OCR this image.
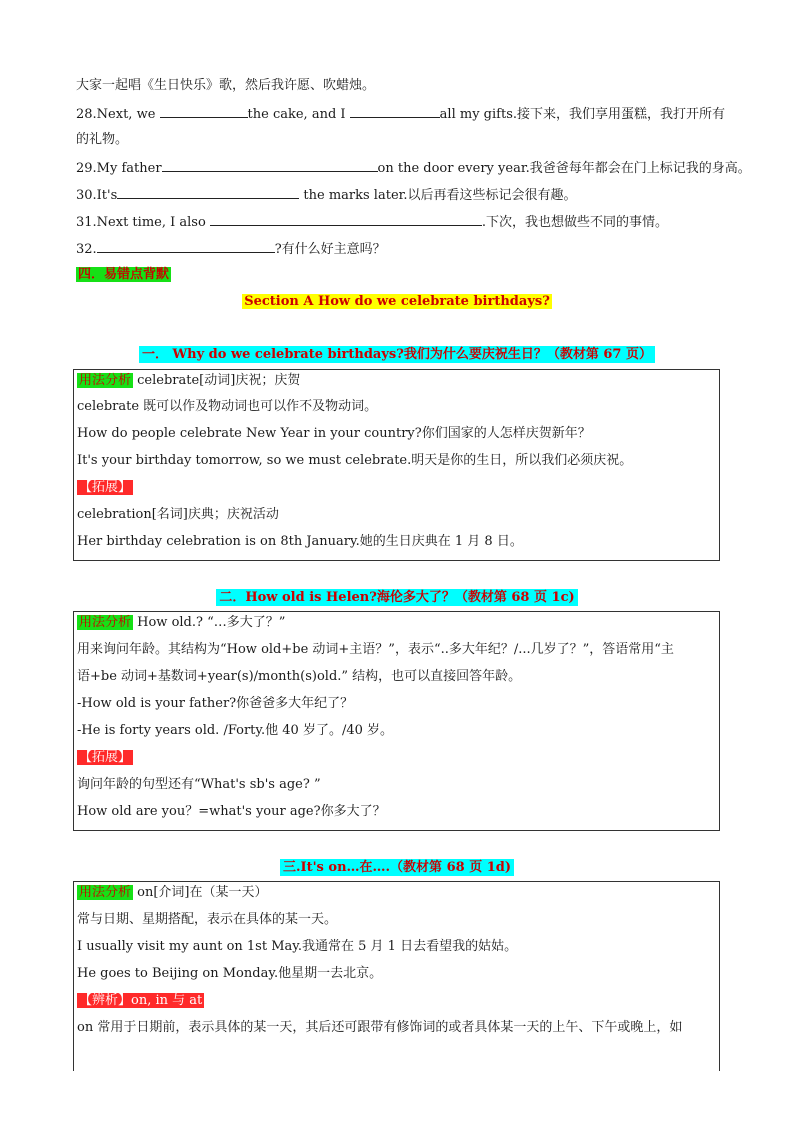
大家一起唱《生日快乐》歌，然后我许愿、吹蜡烛。
28.Next, we	the cake, and I	all my gifts.接下来，我们享用蛋糕，我打开所有
的礼物。
29.My father	on the door every year.我爸爸每年都会在门上标记我的身高。
30.It's	the marks later.以后再看这些标记会很有趣。
31.Next time, I also	.下次，我也想做些不同的事情。
32.	?有什么好主意吗？
四．易错点背默
Section A How do we celebrate birthdays?
一． Why do we celebrate birthdays?我们为什么要庆祝生日？（教材第 67 页）
用法分析 celebrate[动词]庆祝；庆贺
celebrate 既可以作及物动词也可以作不及物动词。
How do people celebrate New Year in your country?你们国家的人怎样庆贺新年？
It's your birthday tomorrow, so we must celebrate.明天是你的生日，所以我们必须庆祝。
【拓展】
celebration[名词]庆典；庆祝活动
Her birthday celebration is on 8th January.她的生日庆典在 1 月 8 日。
二．How old is Helen?海伦多大了？（教材第 68 页 1c)
用法分析 How old.? “…多大了？”
用来询问年龄。其结构为“How old+be 动词+主语？”，表示“..多大年纪？/...几岁了？”，答语常用“主
语+be 动词+基数词+year(s)/month(s)old.” 结构，也可以直接回答年龄。
-How old is your father?你爸爸多大年纪了？
-He is forty years old. /Forty.他 40 岁了。/40 岁。
【拓展】
询问年龄的句型还有“What's sb's age? ”
How old are you？=what's your age?你多大了？
三.It's on…在….（教材第 68 页 1d)
用法分析 on[介词]在（某一天）
常与日期、星期搭配，表示在具体的某一天。
I usually visit my aunt on 1st May.我通常在 5 月 1 日去看望我的姑姑。
He goes to Beijing on Monday.他星期一去北京。
【辨析】on, in 与 at
on 常用于日期前，表示具体的某一天，其后还可跟带有修饰词的或者具体某一天的上午、下午或晚上，如
